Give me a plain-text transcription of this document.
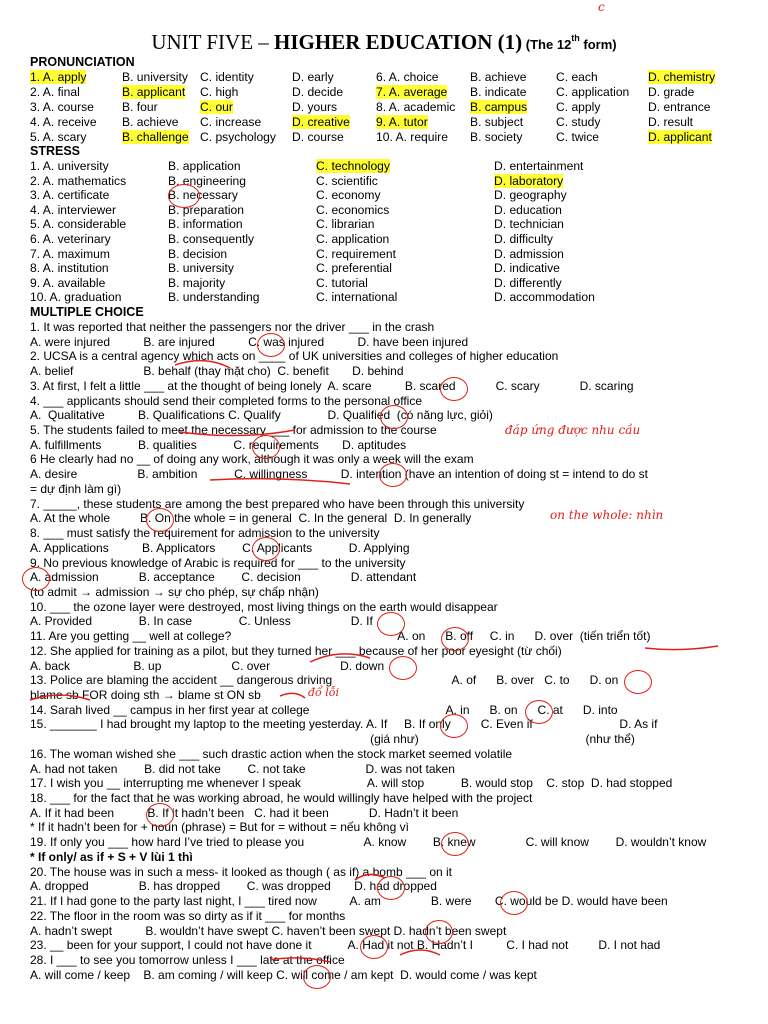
c
UNIT FIVE – HIGHER EDUCATION (1) (The 12th form)
PRONUNCIATION
1. A. apply	B. university C. identity	D. early	6. A. choice	B. achieve C. each	D. chemistry
2. A. final	B. applicant C. high	D. decide	7. A. average B. indicate C. application D. grade
3. A. course B. four	C. our	D. yours	8. A. academic B. campus C. apply	D. entrance
4. A. receive B. achieve C. increase	D. creative 9. A. tutor	B. subject	C. study	D. result
5. A. scary	B. challenge C. psychology D. course	10. A. require B. society	C. twice	D. applicant
STRESS
1. A. university	B. application	C. technology	D. entertainment
2. A. mathematics	B. engineering	C. scientific	D. laboratory
3. A. certificate	B. necessary	C. economy	D. geography
4. A. interviewer	B. preparation	C. economics	D. education
5. A. considerable	B. information	C. librarian	D. technician
6. A. veterinary	B. consequently	C. application	D. difficulty
7. A. maximum	B. decision	C. requirement	D. admission
8. A. institution	B. university	C. preferential	D. indicative
9. A. available	B. majority	C. tutorial	D. differently
10. A. graduation	B. understanding	C. international	D. accommodation
MULTIPLE CHOICE
1. It was reported that neither the passengers nor the driver ___ in the crash
A. were injured          B. are injured          C. was injured          D. have been injured
2. UCSA is a central agency which acts on ____ of UK universities and colleges of higher education
A. belief                     B. behalf (thay mặt cho)  C. benefit       D. behind
3. At first, I felt a little ___ at the thought of being lonely  A. scare          B. scared            C. scary            D. scaring
4. ___ applicants should send their completed forms to the personal office
A.  Qualitative          B. Qualifications C. Qualify              D. Qualified  (có năng lực, giỏi)
5. The students failed to meet the necessary ___ for admission to the course
A. fulfillments           B. qualities           C. requirements       D. aptitudes
6 He clearly had no __ of doing any work, although it was only a week will the exam
A. desire                  B. ambition           C. willingness          D. intention (have an intention of doing st = intend to do st
= dự định làm gì)
7. _____, these students are among the best prepared who have been through this university
A. At the whole         B. On the whole = in general  C. In the general  D. In generally
8. ___ must satisfy the requirement for admission to the university
A. Applications          B. Applicators        C. Applicants           D. Applying
9. No previous knowledge of Arabic is required for ___ to the university
A. admission            B. acceptance        C. decision               D. attendant
(to admit → admission → sự cho phép, sự chấp nhận)
10. ___ the ozone layer were destroyed, most living things on the earth would disappear
A. Provided              B. In case              C. Unless                  D. If
11. Are you getting __ well at college?                                                  A. on      B. off     C. in      D. over  (tiến triển tốt)
12. She applied for training as a pilot, but they turned her ___ because of her poor eyesight (từ chối)
A. back                   B. up                     C. over                     D. down
13. Police are blaming the accident __ dangerous driving                                    A. of      B. over   C. to      D. on
blame sb FOR doing sth → blame st ON sb
14. Sarah lived __ campus in her first year at college                                         A. in      B. on      C. at      D. into
15. _______ I had brought my laptop to the meeting yesterday. A. If     B. If only         C. Even if                          D. As if
(giá như)                                                  (như thể)
16. The woman wished she ___ such drastic action when the stock market seemed volatile
A. had not taken        B. did not take        C. not take                  D. was not taken
17. I wish you __ interrupting me whenever I speak                    A. will stop           B. would stop    C. stop  D. had stopped
18. ___ for the fact that he was working abroad, he would willingly have helped with the project
A. If it had been          B. If it hadn’t been   C. had it been            D. Hadn’t it been
* If it hadn’t been for + noun (phrase) = But for = without = nếu không vì
19. If only you ___ how hard I’ve tried to please you                  A. know        B. knew               C. will know        D. wouldn’t know
* If only/ as if + S + V lùi 1 thì
20. The house was in such a mess- it looked as though ( as if) a bomb ___ on it
A. dropped               B. has dropped        C. was dropped       D. had dropped
21. If I had gone to the party last night, I ___ tired now          A. am               B. were       C. would be D. would have been
22. The floor in the room was so dirty as if it ___ for months
A. hadn’t swept          B. wouldn’t have swept C. haven’t been swept D. hadn’t been swept
23. __ been for your support, I could not have done it           A. Had it not B. Hadn’t I          C. I had not         D. I not had
28. I ___ to see you tomorrow unless I ___ late at the office
A. will come / keep    B. am coming / will keep C. will come / am kept  D. would come / was kept
đáp ứng được nhu cầu
on the whole: nhìn
đổ lỗi
